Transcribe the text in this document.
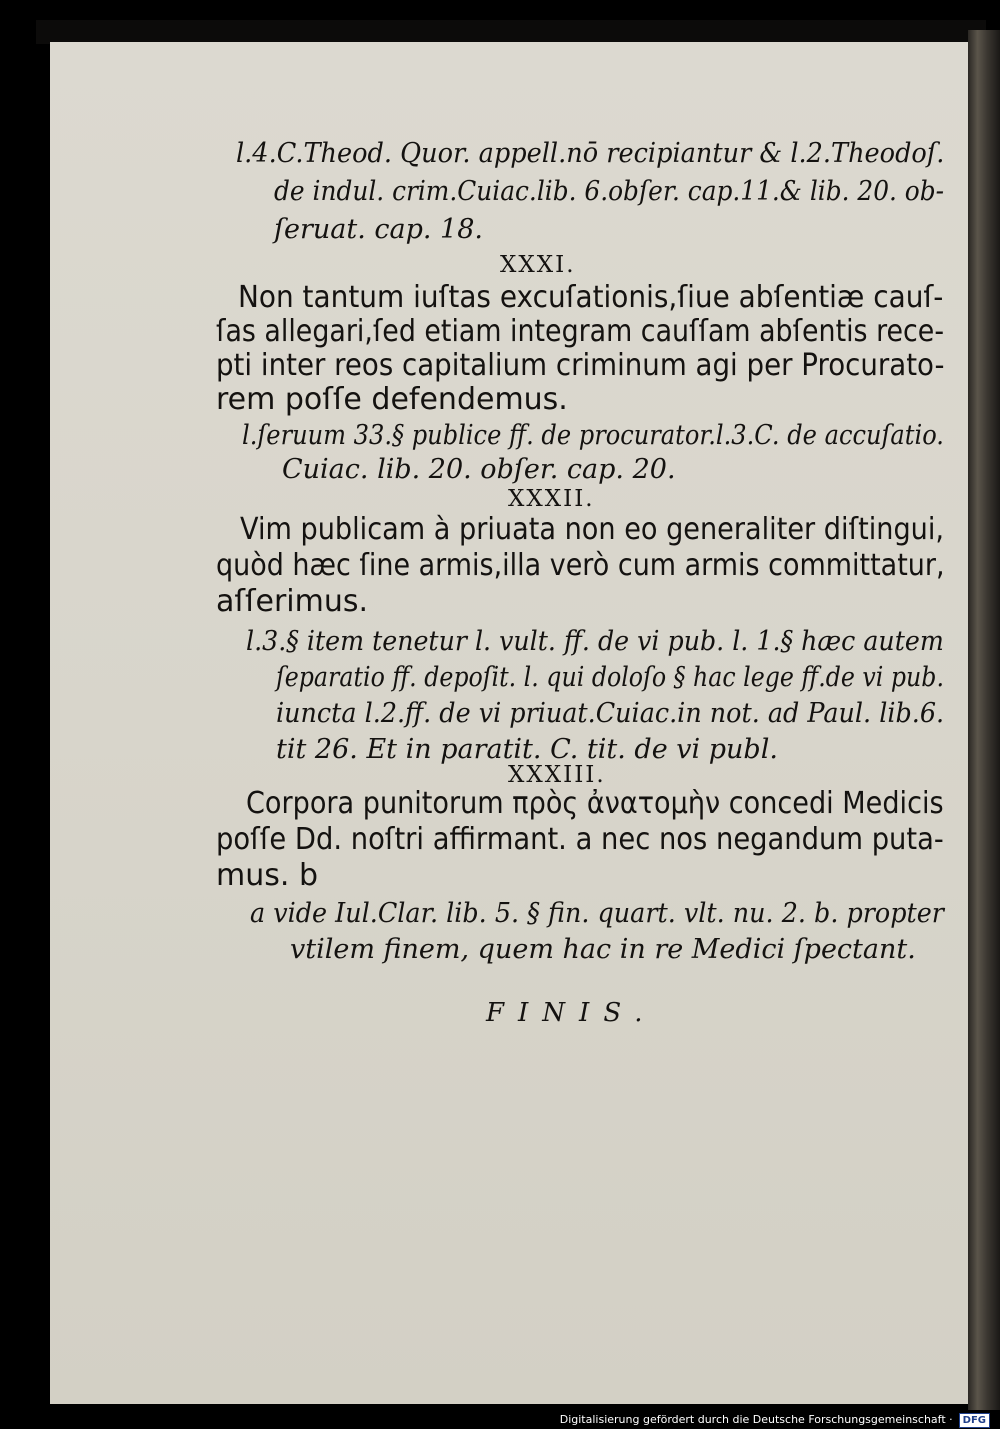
l.4.C.Theod. Quor. appell.nō recipiantur & l.2.Theodoſ.
de indul. crim.Cuiac.lib. 6.obſer. cap.11.& lib. 20. ob-
ſeruat. cap. 18.
XXXI.
Non tantum iuſtas excuſationis,ſiue abſentiæ cauſ-
ſas allegari,ſed etiam integram cauſſam abſentis rece-
pti inter reos capitalium criminum agi per Procurato-
rem poſſe defendemus.
l.ſeruum 33.§ publice ff. de procurator.l.3.C. de accuſatio.
Cuiac. lib. 20. obſer. cap. 20.
XXXII.
Vim publicam à priuata non eo generaliter diſtingui,
quòd hæc ſine armis,illa verò cum armis committatur,
aſſerimus.
l.3.§ item tenetur l. vult. ff. de vi pub. l. 1.§ hæc autem
ſeparatio ff. depoſit. l. qui doloſo § hac lege ff.de vi pub.
iuncta l.2.ff. de vi priuat.Cuiac.in not. ad Paul. lib.6.
tit 26. Et in paratit. C. tit. de vi publ.
XXXIII.
Corpora punitorum πρὸς ἀνατομὴν concedi Medicis
poſſe Dd. noſtri affirmant. a nec nos negandum puta-
mus. b
a vide Iul.Clar. lib. 5. § fin. quart. vlt. nu. 2. b. propter
vtilem finem, quem hac in re Medici ſpectant.
FINIS.
Digitalisierung gefördert durch die Deutsche Forschungsgemeinschaft ·	DFG
